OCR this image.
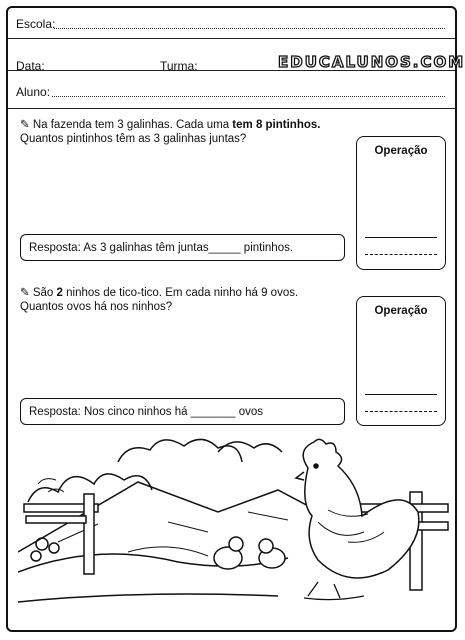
Escola:
Data:	Turma:	EDUCALUNOS.COM
Aluno:
✎ Na fazenda tem 3 galinhas. Cada uma tem 8 pintinhos.
Quantos pintinhos têm as 3 galinhas juntas?
Operação
Resposta: As 3 galinhas têm juntas_____ pintinhos.
✎ São 2 ninhos de tico-tico. Em cada ninho há 9 ovos.
Quantos ovos há nos ninhos?	Operação
Resposta: Nos cinco ninhos há _______ ovos
